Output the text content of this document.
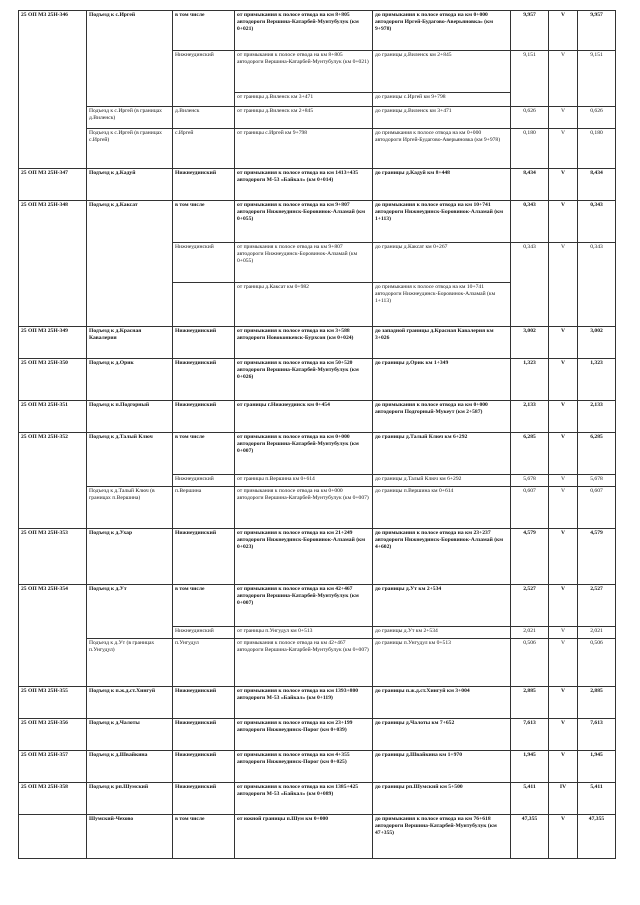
25 ОП МЗ 25Н-346	Подъезд к с.Иргей	в том числе	от примыкания к полосе отвода на км 8+805 автодороги Вершина-Катарбей-Мунтубулук (км 0+021)	до примыкания к полосе отвода на км 0+000 автодороги Иргей-Будагово-Аверьяновка» (км 9+978)	9,957	V	9,957
		Нижнеудинский	от примыкания к полосе отвода на км 8+805 автодороги Вершина-Катарбей-Мунтубулук (км 0+021)	до границы д.Виленск км 2+845	9,151	V	9,151
			от границы д.Виленск км 3+471	до границы с.Иргей км 9+798			
	Подъезд к с.Иргей (в границах д.Виленск)	д.Виленск	от границы д.Виленск км 2+845	до границы д.Виленск км 3+471	0,626	V	0,626
	Подъезд к с.Иргей (в границах с.Иргей)	с.Иргей	от границы с.Иргей км 9+798	до примыкания к полосе отвода на км 0+000 автодороги Иргей-Будагово-Аверьяновка (км 9+978)	0,180	V	0,180
25 ОП МЗ 25Н-347	Подъезд к д.Кадуй	Нижнеудинский	от примыкания к полосе отвода на км 1413+435 автодороги М-53 «Байкал» (км 0+014)	до границы д.Кадуй км 8+448	8,434	V	8,434
25 ОП МЗ 25Н-348	Подъезд к д.Каксат	в том числе	от примыкания к полосе отвода на км 9+807 автодороги Нижнеудинск-Боровинок-Алзамай (км 0+055)	до примыкания к полосе отвода на км 10+741 автодороги Нижнеудинск-Боровинок-Алзамай (км 1+113)	0,343	V	0,343
		Нижнеудинский	от примыкания к полосе отвода на км 9+807 автодороги Нижнеудинск-Боровинок-Алзамай (км 0+055)	до границы д.Каксат км 0+267	0,343	V	0,343
			от границы д.Каксат км 0+982	до примыкания к полосе отвода на км 10+741 автодороги Нижнеудинск-Боровинок-Алзамай (км 1+113)			
25 ОП МЗ 25Н-349	Подъезд к д.Красная Кавалерия	Нижнеудинский	от примыкания к полосе отвода на км 3+588 автодороги Новоконкевск-Бурхсон (км 0+024)	до западной границы д.Красная Кавалерия км 3+026	3,002	V	3,002
25 ОП МЗ 25Н-350	Подъезд к д.Орик	Нижнеудинский	от примыкания к полосе отвода на км 50+520 автодороги Вершина-Катарбей-Мунтубулук (км 0+026)	до границы д.Орик км 1+349	1,323	V	1,323
25 ОП МЗ 25Н-351	Подъезд к п.Подгорный	Нижнеудинский	от границы г.Нижнеудинск км 0+454	до примыкания к полосе отвода на км 0+000 автодороги Подгорный-Мукеут (км 2+587)	2,133	V	2,133
25 ОП МЗ 25Н-352	Подъезд к д.Талый Ключ	в том числе	от примыкания к полосе отвода на км 0+000 автодороги Вершина-Катарбей-Мунтубулук (км 0+007)	до границы д.Талый Ключ км 6+292	6,285	V	6,285
		Нижнеудинский	от границы п.Вершина км 0+614	до границы д.Талый Ключ км 6+292	5,678	V	5,678
	Подъезд к д.Талый Ключ (в границах п.Вершина)	п.Вершина	от примыкания к полосе отвода на км 0+000 автодороги Вершина-Катарбей-Мунтубулук (км 0+007)	до границы п.Вершина км 0+614	0,607	V	0,607
25 ОП МЗ 25Н-353	Подъезд к д.Ухар	Нижнеудинский	от примыкания к полосе отвода на км 21+249 автодороги Нижнеудинск-Боровинок-Алзамай (км 0+023)	до примыкания к полосе отвода на км 23+237 автодороги Нижнеудинск-Боровинок-Алзамай (км 4+602)	4,579	V	4,579
25 ОП МЗ 25Н-354	Подъезд к д.Ут	в том числе	от примыкания к полосе отвода на км 42+467 автодороги Вершина-Катарбей-Мунтубулук (км 0+007)	до границы д.Ут км 2+534	2,527	V	2,527
		Нижнеудинский	от границы п.Унгудул км 0+513	до границы д.Ут км 2+534	2,021	V	2,021
	Подъезд к д.Ут (в границах п.Унгудул)	п.Унгудул	от примыкания к полосе отвода на км 42+467 автодороги Вершина-Катарбей-Мунтубулук (км 0+007)	до границы п.Унгудул км 0+513	0,506	V	0,506
25 ОП МЗ 25Н-355	Подъезд к п.ж.д.ст.Хингуй	Нижнеудинский	от примыкания к полосе отвода на км 1393+800 автодороги М-53 «Байкал» (км 0+119)	до границы п.ж.д.ст.Хингуй км 3+004	2,885	V	2,885
25 ОП МЗ 25Н-356	Подъезд к д.Чалоты	Нижнеудинский	от примыкания к полосе отвода на км 23+199 автодороги Нижнеудинск-Порог (км 0+039)	до границы д.Чалоты км 7+652	7,613	V	7,613
25 ОП МЗ 25Н-357	Подъезд к д.Швайкина	Нижнеудинский	от примыкания к полосе отвода на км 4+355 автодороги Нижнеудинск-Порог (км 0+025)	до границы д.Швайкина км 1+970	1,945	V	1,945
25 ОП МЗ 25Н-358	Подъезд к рп.Шумский	Нижнеудинский	от примыкания к полосе отвода на км 1385+425 автодороги М-53 «Байкал» (км 0+089)	до границы рп.Шумский км 5+500	5,411	IV	5,411
	Шумский-Чехово	в том числе	от южной границы п.Шум км 0+000	до примыкания к полосе отвода на км 76+618 автодороги Вершина-Катарбей-Мунтубулук (км 47+355)	47,355	V	47,355
